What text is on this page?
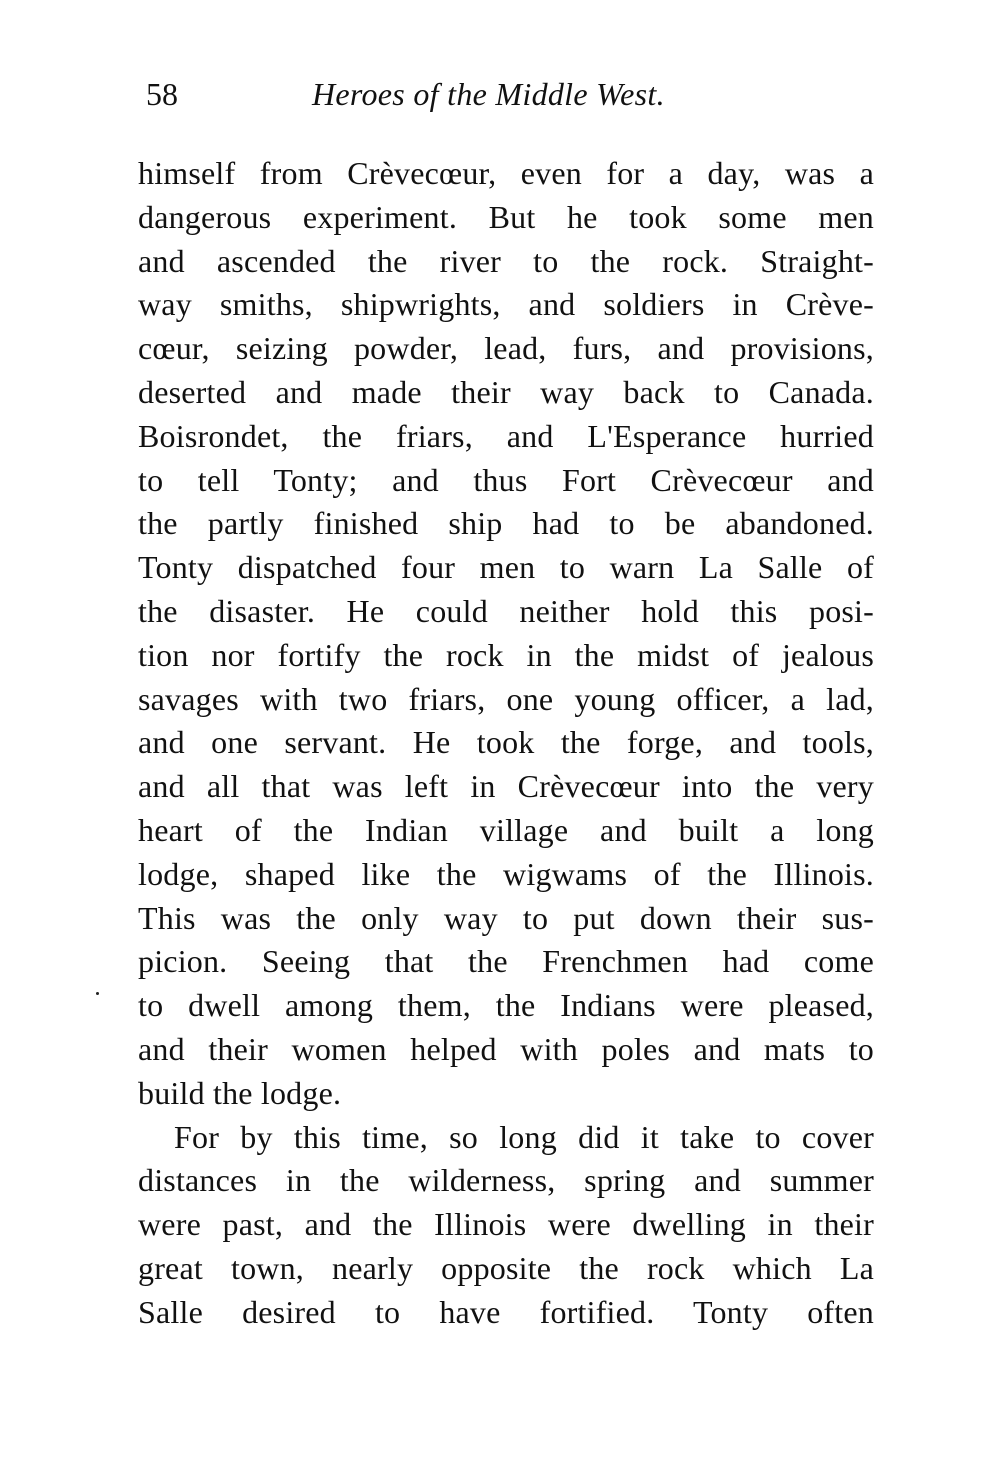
58	Heroes of the Middle West.
himself from Crèvecœur, even for a day, was a
dangerous experiment. But he took some men
and ascended the river to the rock. Straight-
way smiths, shipwrights, and soldiers in Crève-
cœur, seizing powder, lead, furs, and provisions,
deserted and made their way back to Canada.
Boisrondet, the friars, and L'Esperance hurried
to tell Tonty; and thus Fort Crèvecœur and
the partly finished ship had to be abandoned.
Tonty dispatched four men to warn La Salle of
the disaster. He could neither hold this posi-
tion nor fortify the rock in the midst of jealous
savages with two friars, one young officer, a lad,
and one servant. He took the forge, and tools,
and all that was left in Crèvecœur into the very
heart of the Indian village and built a long
lodge, shaped like the wigwams of the Illinois.
This was the only way to put down their sus-
picion. Seeing that the Frenchmen had come
to dwell among them, the Indians were pleased,
and their women helped with poles and mats to
build the lodge.
For by this time, so long did it take to cover
distances in the wilderness, spring and summer
were past, and the Illinois were dwelling in their
great town, nearly opposite the rock which La
Salle desired to have fortified. Tonty often
